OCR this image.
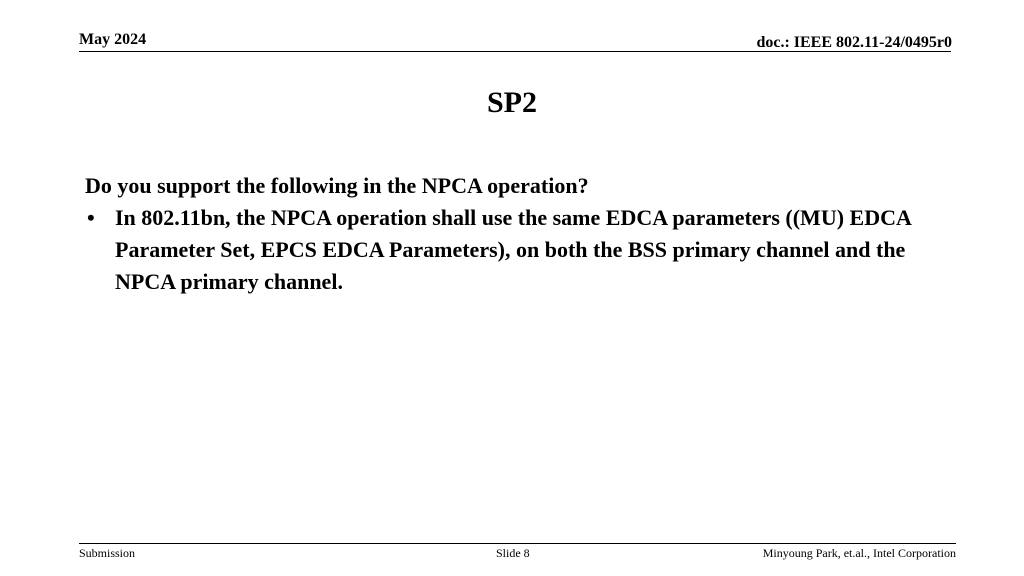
May 2024	doc.: IEEE 802.11-24/0495r0
SP2
Do you support the following in the NPCA operation?
• In 802.11bn, the NPCA operation shall use the same EDCA parameters ((MU) EDCA Parameter Set, EPCS EDCA Parameters), on both the BSS primary channel and the NPCA primary channel.
Submission	Slide 8	Minyoung Park, et.al., Intel Corporation
